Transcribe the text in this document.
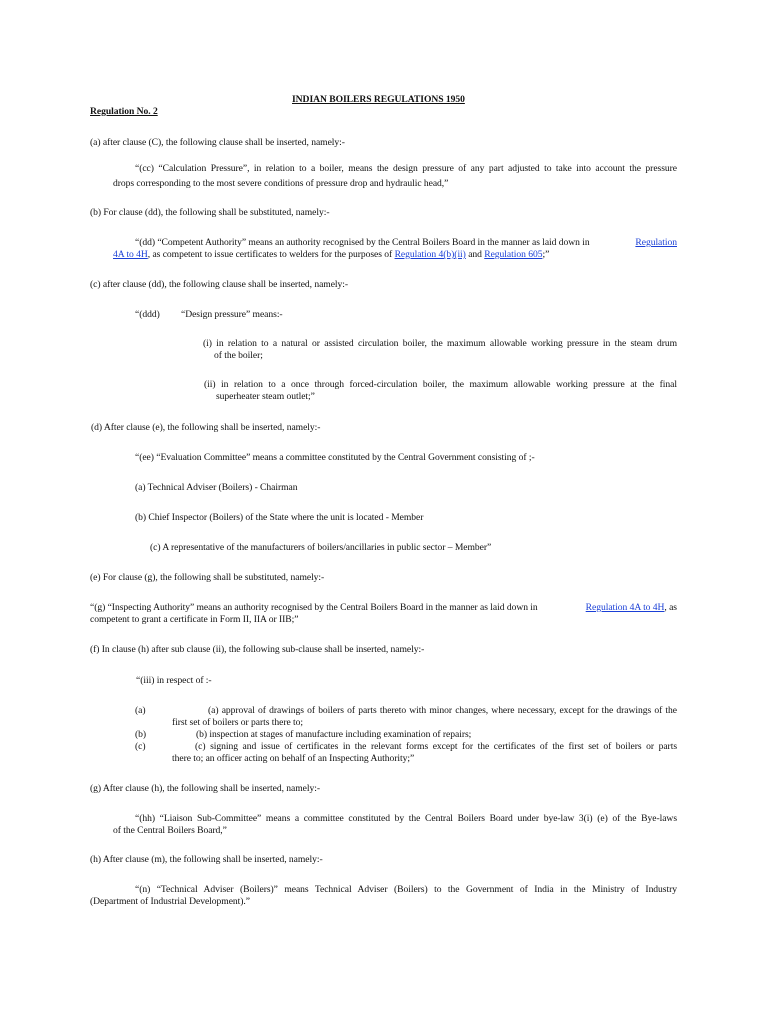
INDIAN BOILERS REGULATIONS 1950
Regulation No. 2
(a) after clause (C), the following clause shall be inserted, namely:-
“(cc) “Calculation Pressure”, in relation to a boiler, means the design pressure of any part adjusted to take into account the pressure
drops corresponding to the most severe conditions of pressure drop and hydraulic head,”
(b) For clause (dd), the following shall be substituted, namely:-
“(dd) “Competent Authority” means an authority recognised by the Central Boilers Board in the manner as laid down in	Regulation
4A to 4H, as competent to issue certificates to welders for the purposes of Regulation 4(b)(ii) and Regulation 605;”
(c) after clause (dd), the following clause shall be inserted, namely:-
“(ddd) “Design pressure” means:-
(i) in relation to a natural or assisted circulation boiler, the maximum allowable working pressure in the steam drum
of the boiler;
(ii) in relation to a once through forced-circulation boiler, the maximum allowable working pressure at the final
superheater steam outlet;”
(d) After clause (e), the following shall be inserted, namely:-
“(ee) “Evaluation Committee” means a committee constituted by the Central Government consisting of ;-
(a) Technical Adviser (Boilers) - Chairman
(b) Chief Inspector (Boilers) of the State where the unit is located - Member
(c) A representative of the manufacturers of boilers/ancillaries in public sector – Member”
(e) For clause (g), the following shall be substituted, namely:-
“(g) “Inspecting Authority” means an authority recognised by the Central Boilers Board in the manner as laid down in	Regulation 4A to 4H, as
competent to grant a certificate in Form II, IIA or IIB;”
(f) In clause (h) after sub clause (ii), the following sub-clause shall be inserted, namely:-
“(iii) in respect of :-
(a)	(a) approval of drawings of boilers of parts thereto with minor changes, where necessary, except for the drawings of the
first set of boilers or parts there to;
(b)	(b) inspection at stages of manufacture including examination of repairs;
(c)	(c) signing and issue of certificates in the relevant forms except for the certificates of the first set of boilers or parts
there to; an officer acting on behalf of an Inspecting Authority;”
(g) After clause (h), the following shall be inserted, namely:-
“(hh) “Liaison Sub-Committee” means a committee constituted by the Central Boilers Board under bye-law 3(i) (e) of the Bye-laws
of the Central Boilers Board,”
(h) After clause (m), the following shall be inserted, namely:-
“(n) “Technical Adviser (Boilers)” means Technical Adviser (Boilers) to the Government of India in the Ministry of Industry
(Department of Industrial Development).”
